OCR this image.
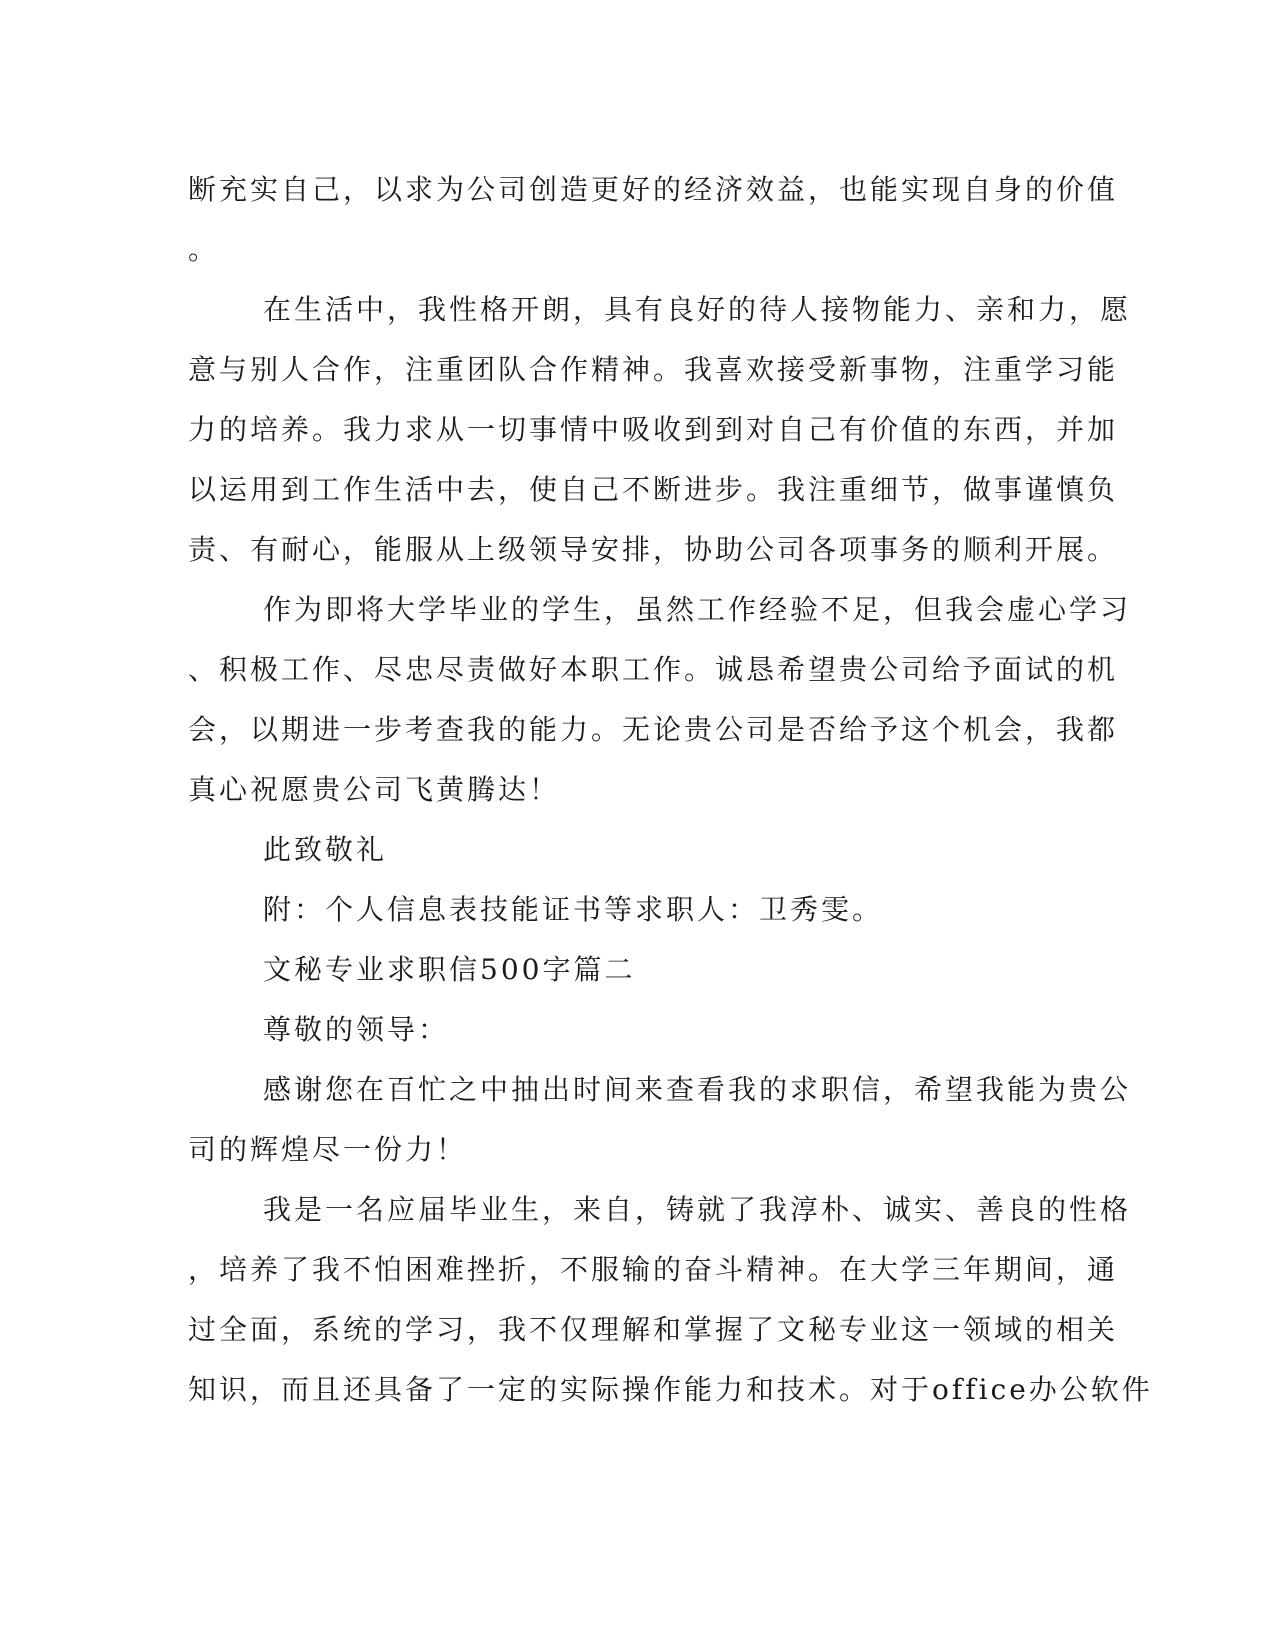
断充实自己，以求为公司创造更好的经济效益，也能实现自身的价值
。
在生活中，我性格开朗，具有良好的待人接物能力、亲和力，愿
意与别人合作，注重团队合作精神。我喜欢接受新事物，注重学习能
力的培养。我力求从一切事情中吸收到到对自己有价值的东西，并加
以运用到工作生活中去，使自己不断进步。我注重细节，做事谨慎负
责、有耐心，能服从上级领导安排，协助公司各项事务的顺利开展。
作为即将大学毕业的学生，虽然工作经验不足，但我会虚心学习
、积极工作、尽忠尽责做好本职工作。诚恳希望贵公司给予面试的机
会，以期进一步考查我的能力。无论贵公司是否给予这个机会，我都
真心祝愿贵公司飞黄腾达！
此致敬礼
附：个人信息表技能证书等求职人：卫秀雯。
文秘专业求职信500字篇二
尊敬的领导：
感谢您在百忙之中抽出时间来查看我的求职信，希望我能为贵公
司的辉煌尽一份力！
我是一名应届毕业生，来自，铸就了我淳朴、诚实、善良的性格
，培养了我不怕困难挫折，不服输的奋斗精神。在大学三年期间，通
过全面，系统的学习，我不仅理解和掌握了文秘专业这一领域的相关
知识，而且还具备了一定的实际操作能力和技术。对于office办公软件
